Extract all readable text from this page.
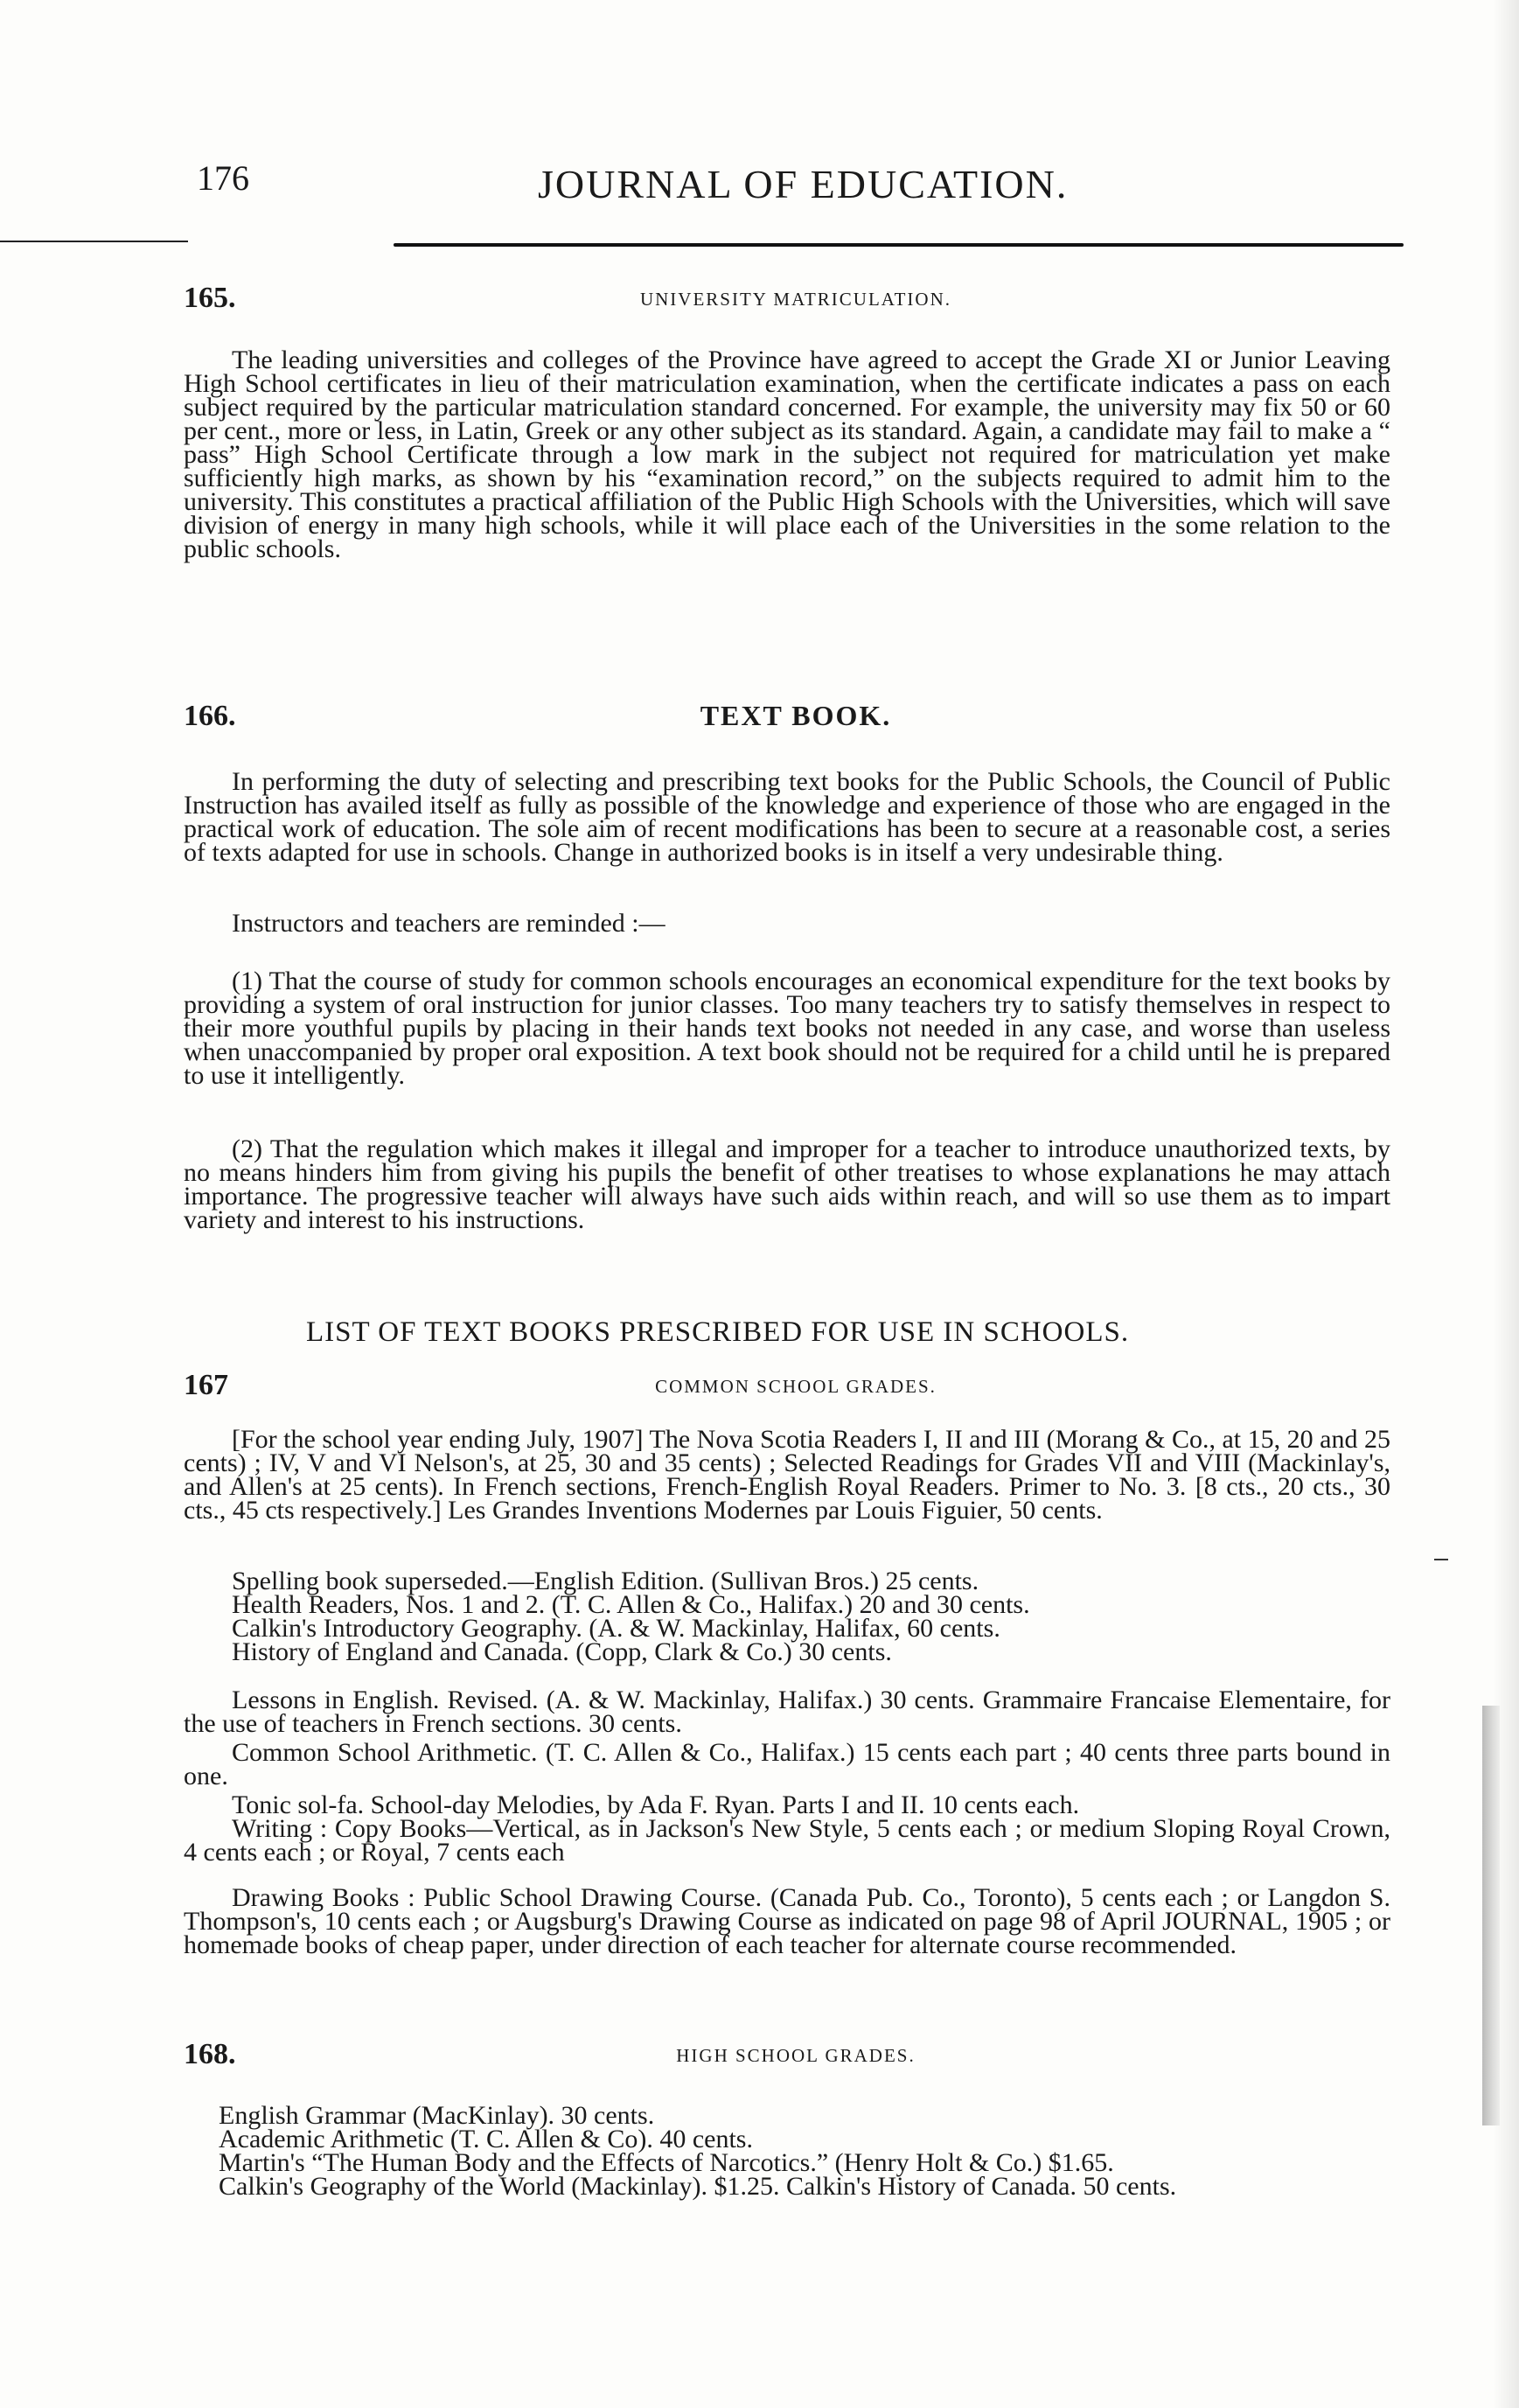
176	JOURNAL OF EDUCATION.
165.	UNIVERSITY MATRICULATION.

The leading universities and colleges of the Province have agreed to accept the Grade XI or Junior Leaving High School certificates in lieu of their matriculation examination, when the certificate indicates a pass on each subject required by the particular matriculation standard concerned. For example, the university may fix 50 or 60 per cent., more or less, in Latin, Greek or any other subject as its standard. Again, a candidate may fail to make a “ pass” High School Certificate through a low mark in the subject not required for matriculation yet make sufficiently high marks, as shown by his “examination record,” on the subjects required to admit him to the university. This constitutes a practical affiliation of the Public High Schools with the Universities, which will save division of energy in many high schools, while it will place each of the Universities in the some relation to the public schools.

166.	TEXT BOOK.

In performing the duty of selecting and prescribing text books for the Public Schools, the Council of Public Instruction has availed itself as fully as possible of the knowledge and experience of those who are engaged in the practical work of education. The sole aim of recent modifications has been to secure at a reasonable cost, a series of texts adapted for use in schools. Change in authorized books is in itself a very undesirable thing.

Instructors and teachers are reminded :—

(1) That the course of study for common schools encourages an economical expenditure for the text books by providing a system of oral instruction for junior classes. Too many teachers try to satisfy themselves in respect to their more youthful pupils by placing in their hands text books not needed in any case, and worse than useless when unaccompanied by proper oral exposition. A text book should not be required for a child until he is prepared to use it intelligently.

(2) That the regulation which makes it illegal and improper for a teacher to introduce unauthorized texts, by no means hinders him from giving his pupils the benefit of other treatises to whose explanations he may attach importance. The progressive teacher will always have such aids within reach, and will so use them as to impart variety and interest to his instructions.

LIST OF TEXT BOOKS PRESCRIBED FOR USE IN SCHOOLS.
167	COMMON SCHOOL GRADES.

[For the school year ending July, 1907] The Nova Scotia Readers I, II and III (Morang & Co., at 15, 20 and 25 cents) ; IV, V and VI Nelson's, at 25, 30 and 35 cents) ; Selected Readings for Grades VII and VIII (Mackinlay's, and Allen's at 25 cents). In French sections, French-English Royal Readers. Primer to No. 3. [8 cts., 20 cts., 30 cts., 45 cts respectively.] Les Grandes Inventions Modernes par Louis Figuier, 50 cents.

Spelling book superseded.—English Edition. (Sullivan Bros.) 25 cents.

Health Readers, Nos. 1 and 2. (T. C. Allen & Co., Halifax.) 20 and 30 cents.

Calkin's Introductory Geography. (A. & W. Mackinlay, Halifax, 60 cents.

History of England and Canada. (Copp, Clark & Co.) 30 cents.

Lessons in English. Revised. (A. & W. Mackinlay, Halifax.) 30 cents. Grammaire Francaise Elementaire, for the use of teachers in French sections. 30 cents.

Common School Arithmetic. (T. C. Allen & Co., Halifax.) 15 cents each part ; 40 cents three parts bound in one.

Tonic sol-fa. School-day Melodies, by Ada F. Ryan. Parts I and II. 10 cents each.

Writing : Copy Books—Vertical, as in Jackson's New Style, 5 cents each ; or medium Sloping Royal Crown, 4 cents each ; or Royal, 7 cents each

Drawing Books : Public School Drawing Course. (Canada Pub. Co., Toronto), 5 cents each ; or Langdon S. Thompson's, 10 cents each ; or Augsburg's Drawing Course as indicated on page 98 of April JOURNAL, 1905 ; or homemade books of cheap paper, under direction of each teacher for alternate course recommended.

168.	HIGH SCHOOL GRADES.

English Grammar (MacKinlay). 30 cents.

Academic Arithmetic (T. C. Allen & Co). 40 cents.

Martin's “The Human Body and the Effects of Narcotics.” (Henry Holt & Co.) $1.65.

Calkin's Geography of the World (Mackinlay). $1.25. Calkin's History of Canada. 50 cents.
